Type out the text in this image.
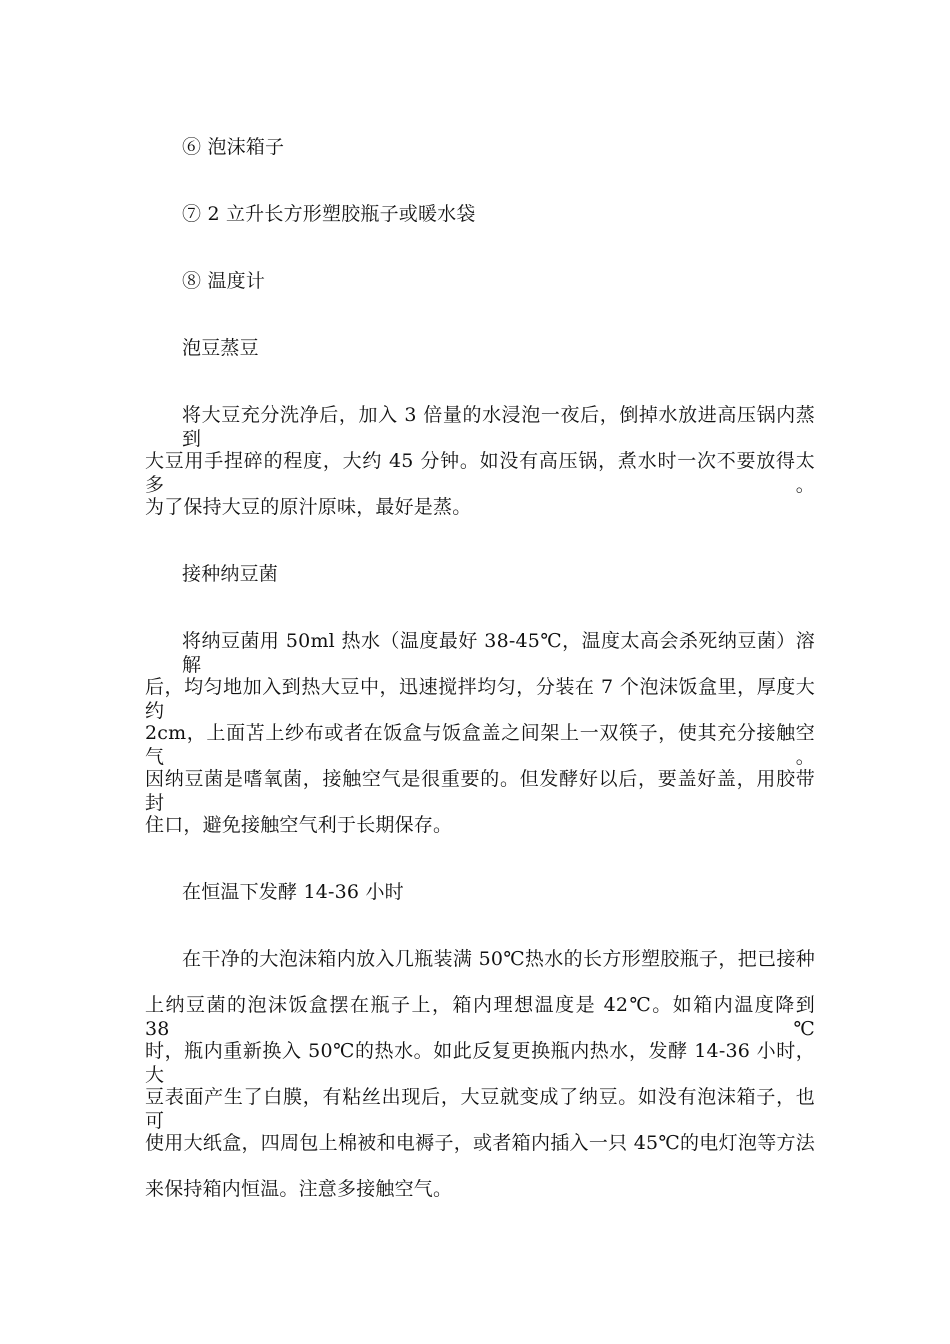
⑥ 泡沫箱子
⑦ 2 立升长方形塑胶瓶子或暖水袋
⑧ 温度计
泡豆蒸豆
将大豆充分洗净后，加入 3 倍量的水浸泡一夜后，倒掉水放进高压锅内蒸到
大豆用手捏碎的程度，大约 45 分钟。如没有高压锅，煮水时一次不要放得太多。
为了保持大豆的原汁原味，最好是蒸。
接种纳豆菌
将纳豆菌用 50ml 热水（温度最好 38-45℃，温度太高会杀死纳豆菌）溶解
后，均匀地加入到热大豆中，迅速搅拌均匀，分装在 7 个泡沫饭盒里，厚度大约
2cm，上面苫上纱布或者在饭盒与饭盒盖之间架上一双筷子，使其充分接触空气。
因纳豆菌是嗜氧菌，接触空气是很重要的。但发酵好以后，要盖好盖，用胶带封
住口，避免接触空气利于长期保存。
在恒温下发酵 14-36 小时
在干净的大泡沫箱内放入几瓶装满 50℃热水的长方形塑胶瓶子，把已接种
上纳豆菌的泡沫饭盒摆在瓶子上，箱内理想温度是 42℃。如箱内温度降到 38℃
时，瓶内重新换入 50℃的热水。如此反复更换瓶内热水，发酵 14-36 小时，大
豆表面产生了白膜，有粘丝出现后，大豆就变成了纳豆。如没有泡沫箱子，也可
使用大纸盒，四周包上棉被和电褥子，或者箱内插入一只 45℃的电灯泡等方法
来保持箱内恒温。注意多接触空气。
